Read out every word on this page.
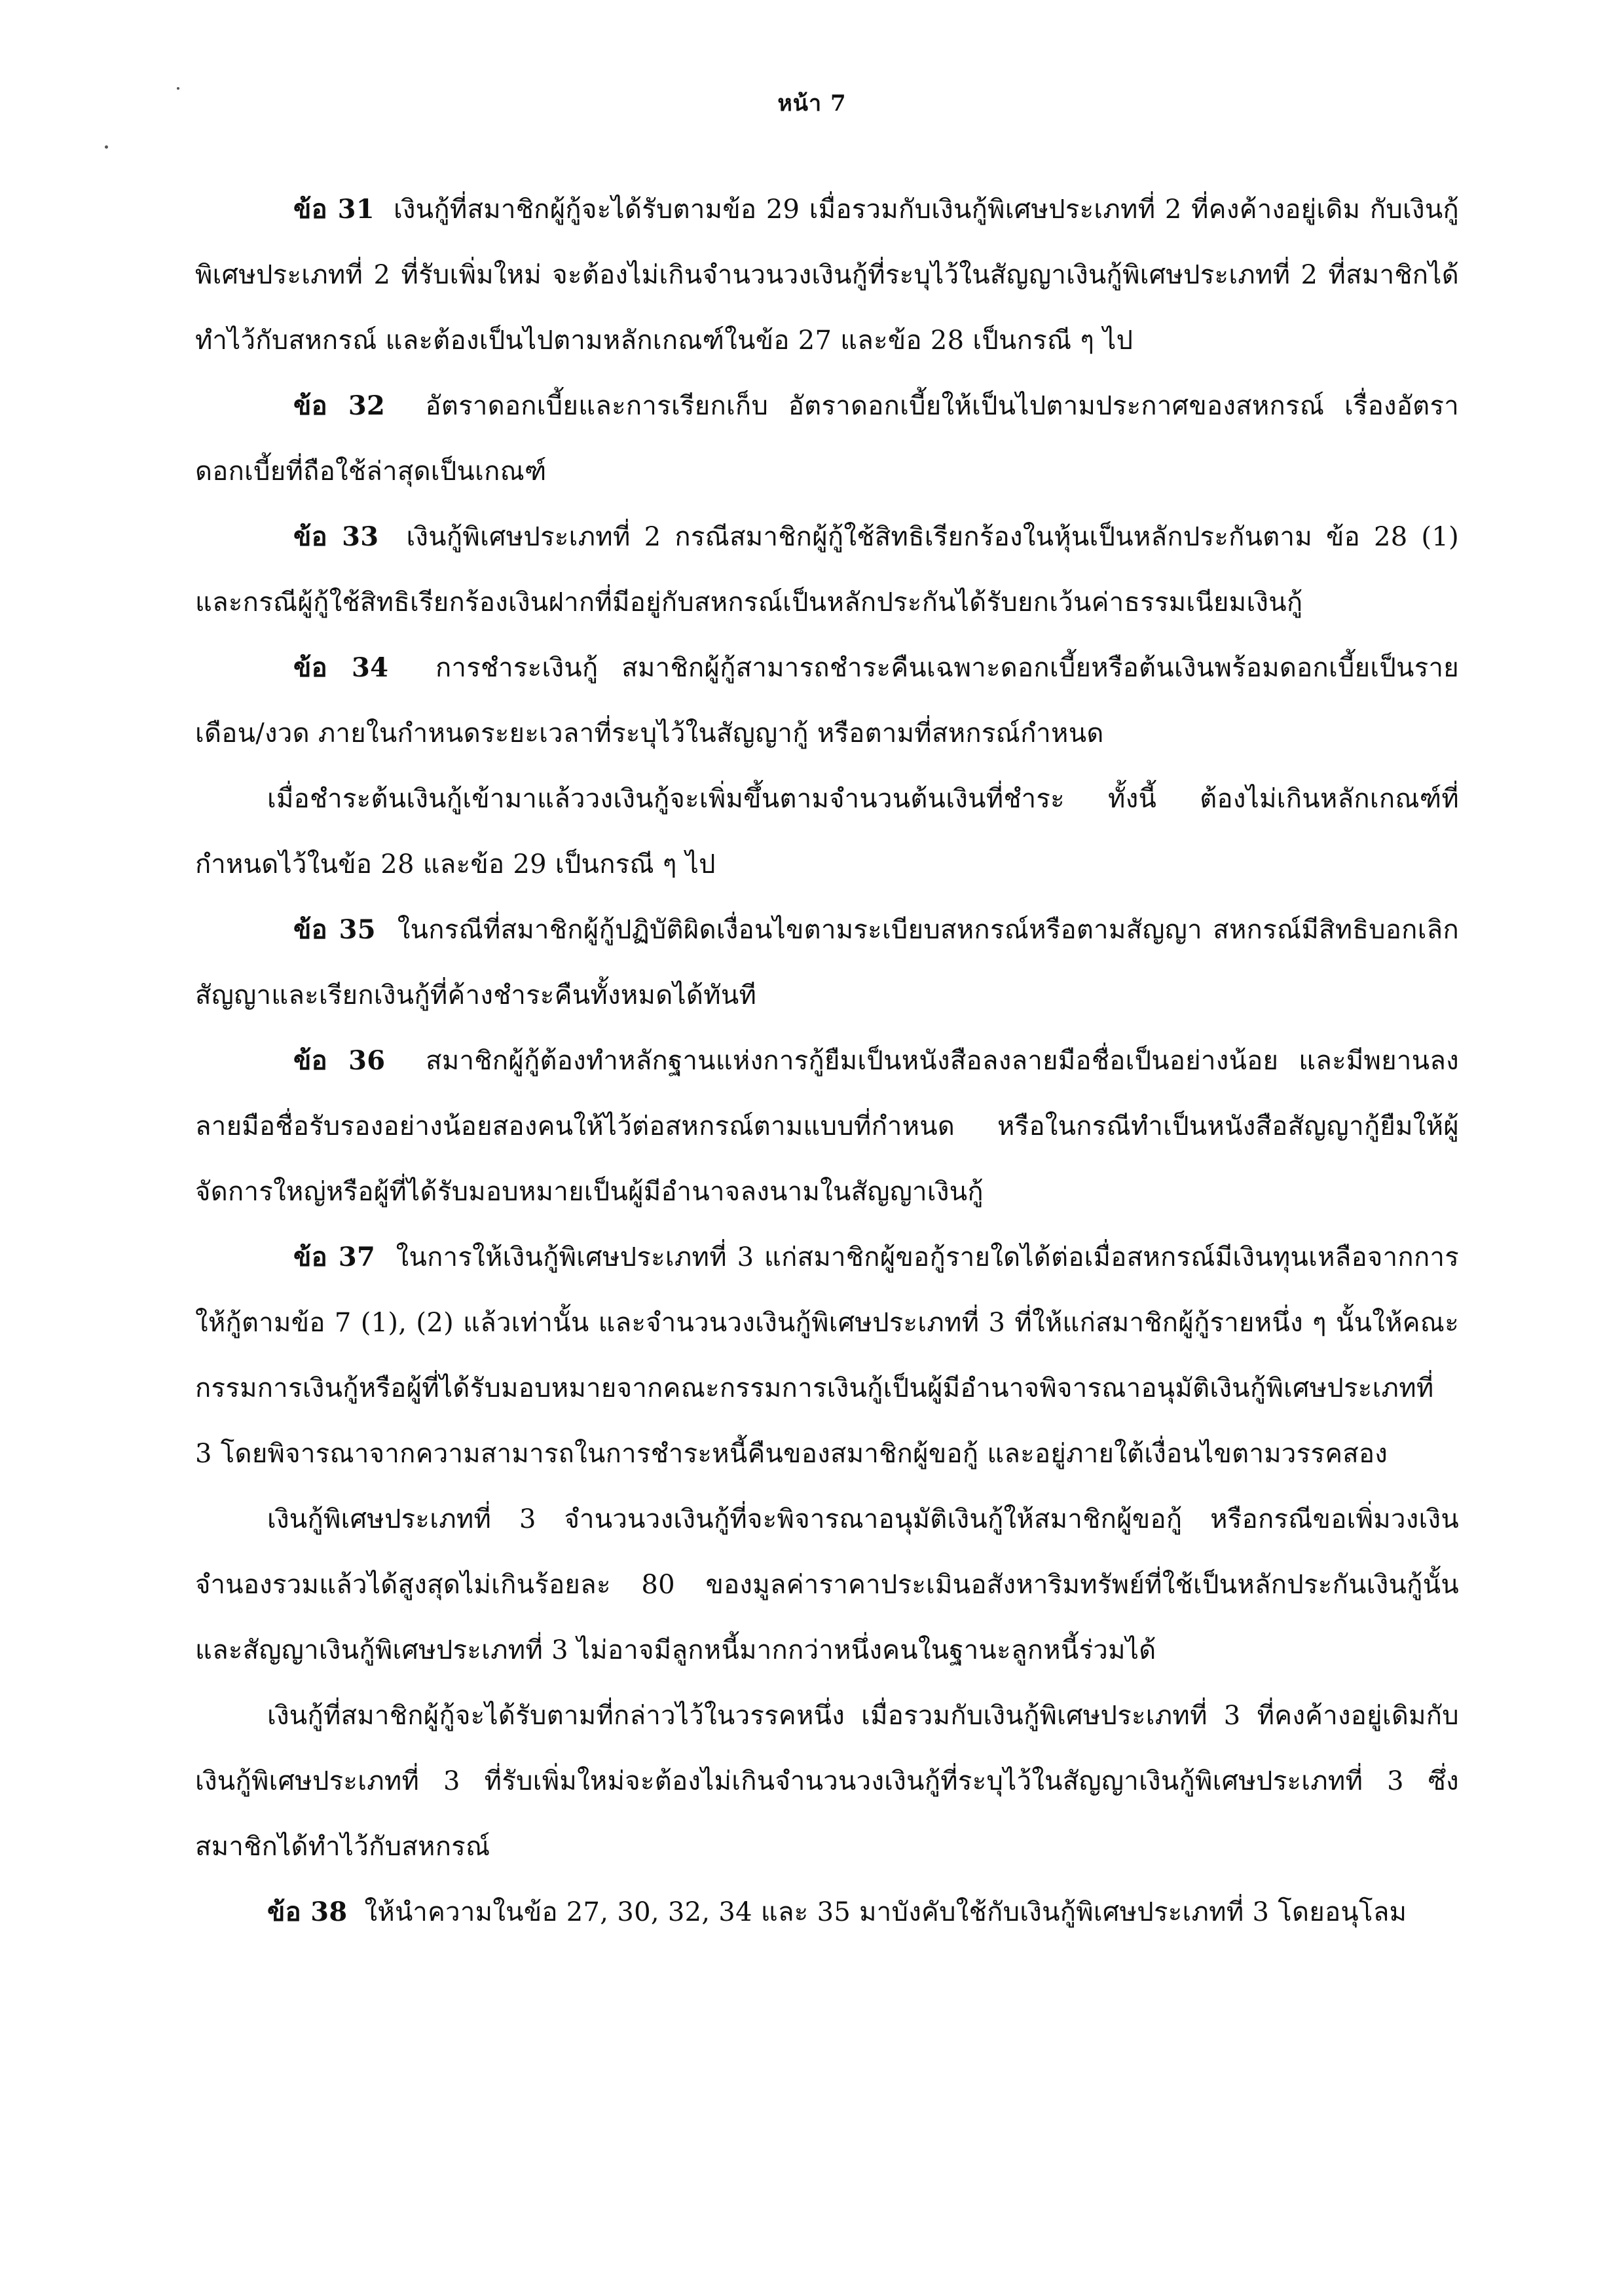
หน้า 7

ข้อ 31 เงินกู้ที่สมาชิกผู้กู้จะได้รับตามข้อ 29 เมื่อรวมกับเงินกู้พิเศษประเภทที่ 2 ที่คงค้างอยู่เดิม กับเงินกู้พิเศษประเภทที่ 2 ที่รับเพิ่มใหม่ จะต้องไม่เกินจำนวนวงเงินกู้ที่ระบุไว้ในสัญญาเงินกู้พิเศษประเภทที่ 2 ที่สมาชิกได้ทำไว้กับสหกรณ์ และต้องเป็นไปตามหลักเกณฑ์ในข้อ 27 และข้อ 28 เป็นกรณี ๆ ไป

ข้อ 32 อัตราดอกเบี้ยและการเรียกเก็บ อัตราดอกเบี้ยให้เป็นไปตามประกาศของสหกรณ์ เรื่องอัตราดอกเบี้ยที่ถือใช้ล่าสุดเป็นเกณฑ์

ข้อ 33 เงินกู้พิเศษประเภทที่ 2 กรณีสมาชิกผู้กู้ใช้สิทธิเรียกร้องในหุ้นเป็นหลักประกันตาม ข้อ 28 (1) และกรณีผู้กู้ใช้สิทธิเรียกร้องเงินฝากที่มีอยู่กับสหกรณ์เป็นหลักประกันได้รับยกเว้นค่าธรรมเนียมเงินกู้

ข้อ 34 การชำระเงินกู้ สมาชิกผู้กู้สามารถชำระคืนเฉพาะดอกเบี้ยหรือต้นเงินพร้อมดอกเบี้ยเป็นรายเดือน/งวด ภายในกำหนดระยะเวลาที่ระบุไว้ในสัญญากู้ หรือตามที่สหกรณ์กำหนด

เมื่อชำระต้นเงินกู้เข้ามาแล้ววงเงินกู้จะเพิ่มขึ้นตามจำนวนต้นเงินที่ชำระ ทั้งนี้ ต้องไม่เกินหลักเกณฑ์ที่กำหนดไว้ในข้อ 28 และข้อ 29 เป็นกรณี ๆ ไป

ข้อ 35 ในกรณีที่สมาชิกผู้กู้ปฏิบัติผิดเงื่อนไขตามระเบียบสหกรณ์หรือตามสัญญา สหกรณ์มีสิทธิบอกเลิกสัญญาและเรียกเงินกู้ที่ค้างชำระคืนทั้งหมดได้ทันที

ข้อ 36 สมาชิกผู้กู้ต้องทำหลักฐานแห่งการกู้ยืมเป็นหนังสือลงลายมือชื่อเป็นอย่างน้อย และมีพยานลงลายมือชื่อรับรองอย่างน้อยสองคนให้ไว้ต่อสหกรณ์ตามแบบที่กำหนด หรือในกรณีทำเป็นหนังสือสัญญากู้ยืมให้ผู้จัดการใหญ่หรือผู้ที่ได้รับมอบหมายเป็นผู้มีอำนาจลงนามในสัญญาเงินกู้

ข้อ 37 ในการให้เงินกู้พิเศษประเภทที่ 3 แก่สมาชิกผู้ขอกู้รายใดได้ต่อเมื่อสหกรณ์มีเงินทุนเหลือจากการให้กู้ตามข้อ 7 (1), (2) แล้วเท่านั้น และจำนวนวงเงินกู้พิเศษประเภทที่ 3 ที่ให้แก่สมาชิกผู้กู้รายหนึ่ง ๆ นั้นให้คณะกรรมการเงินกู้หรือผู้ที่ได้รับมอบหมายจากคณะกรรมการเงินกู้เป็นผู้มีอำนาจพิจารณาอนุมัติเงินกู้พิเศษประเภทที่ 3 โดยพิจารณาจากความสามารถในการชำระหนี้คืนของสมาชิกผู้ขอกู้ และอยู่ภายใต้เงื่อนไขตามวรรคสอง

เงินกู้พิเศษประเภทที่ 3 จำนวนวงเงินกู้ที่จะพิจารณาอนุมัติเงินกู้ให้สมาชิกผู้ขอกู้ หรือกรณีขอเพิ่มวงเงินจำนองรวมแล้วได้สูงสุดไม่เกินร้อยละ 80 ของมูลค่าราคาประเมินอสังหาริมทรัพย์ที่ใช้เป็นหลักประกันเงินกู้นั้น และสัญญาเงินกู้พิเศษประเภทที่ 3 ไม่อาจมีลูกหนี้มากกว่าหนึ่งคนในฐานะลูกหนี้ร่วมได้

เงินกู้ที่สมาชิกผู้กู้จะได้รับตามที่กล่าวไว้ในวรรคหนึ่ง เมื่อรวมกับเงินกู้พิเศษประเภทที่ 3 ที่คงค้างอยู่เดิมกับเงินกู้พิเศษประเภทที่ 3 ที่รับเพิ่มใหม่จะต้องไม่เกินจำนวนวงเงินกู้ที่ระบุไว้ในสัญญาเงินกู้พิเศษประเภทที่ 3 ซึ่งสมาชิกได้ทำไว้กับสหกรณ์

ข้อ 38 ให้นำความในข้อ 27, 30, 32, 34 และ 35 มาบังคับใช้กับเงินกู้พิเศษประเภทที่ 3 โดยอนุโลม
